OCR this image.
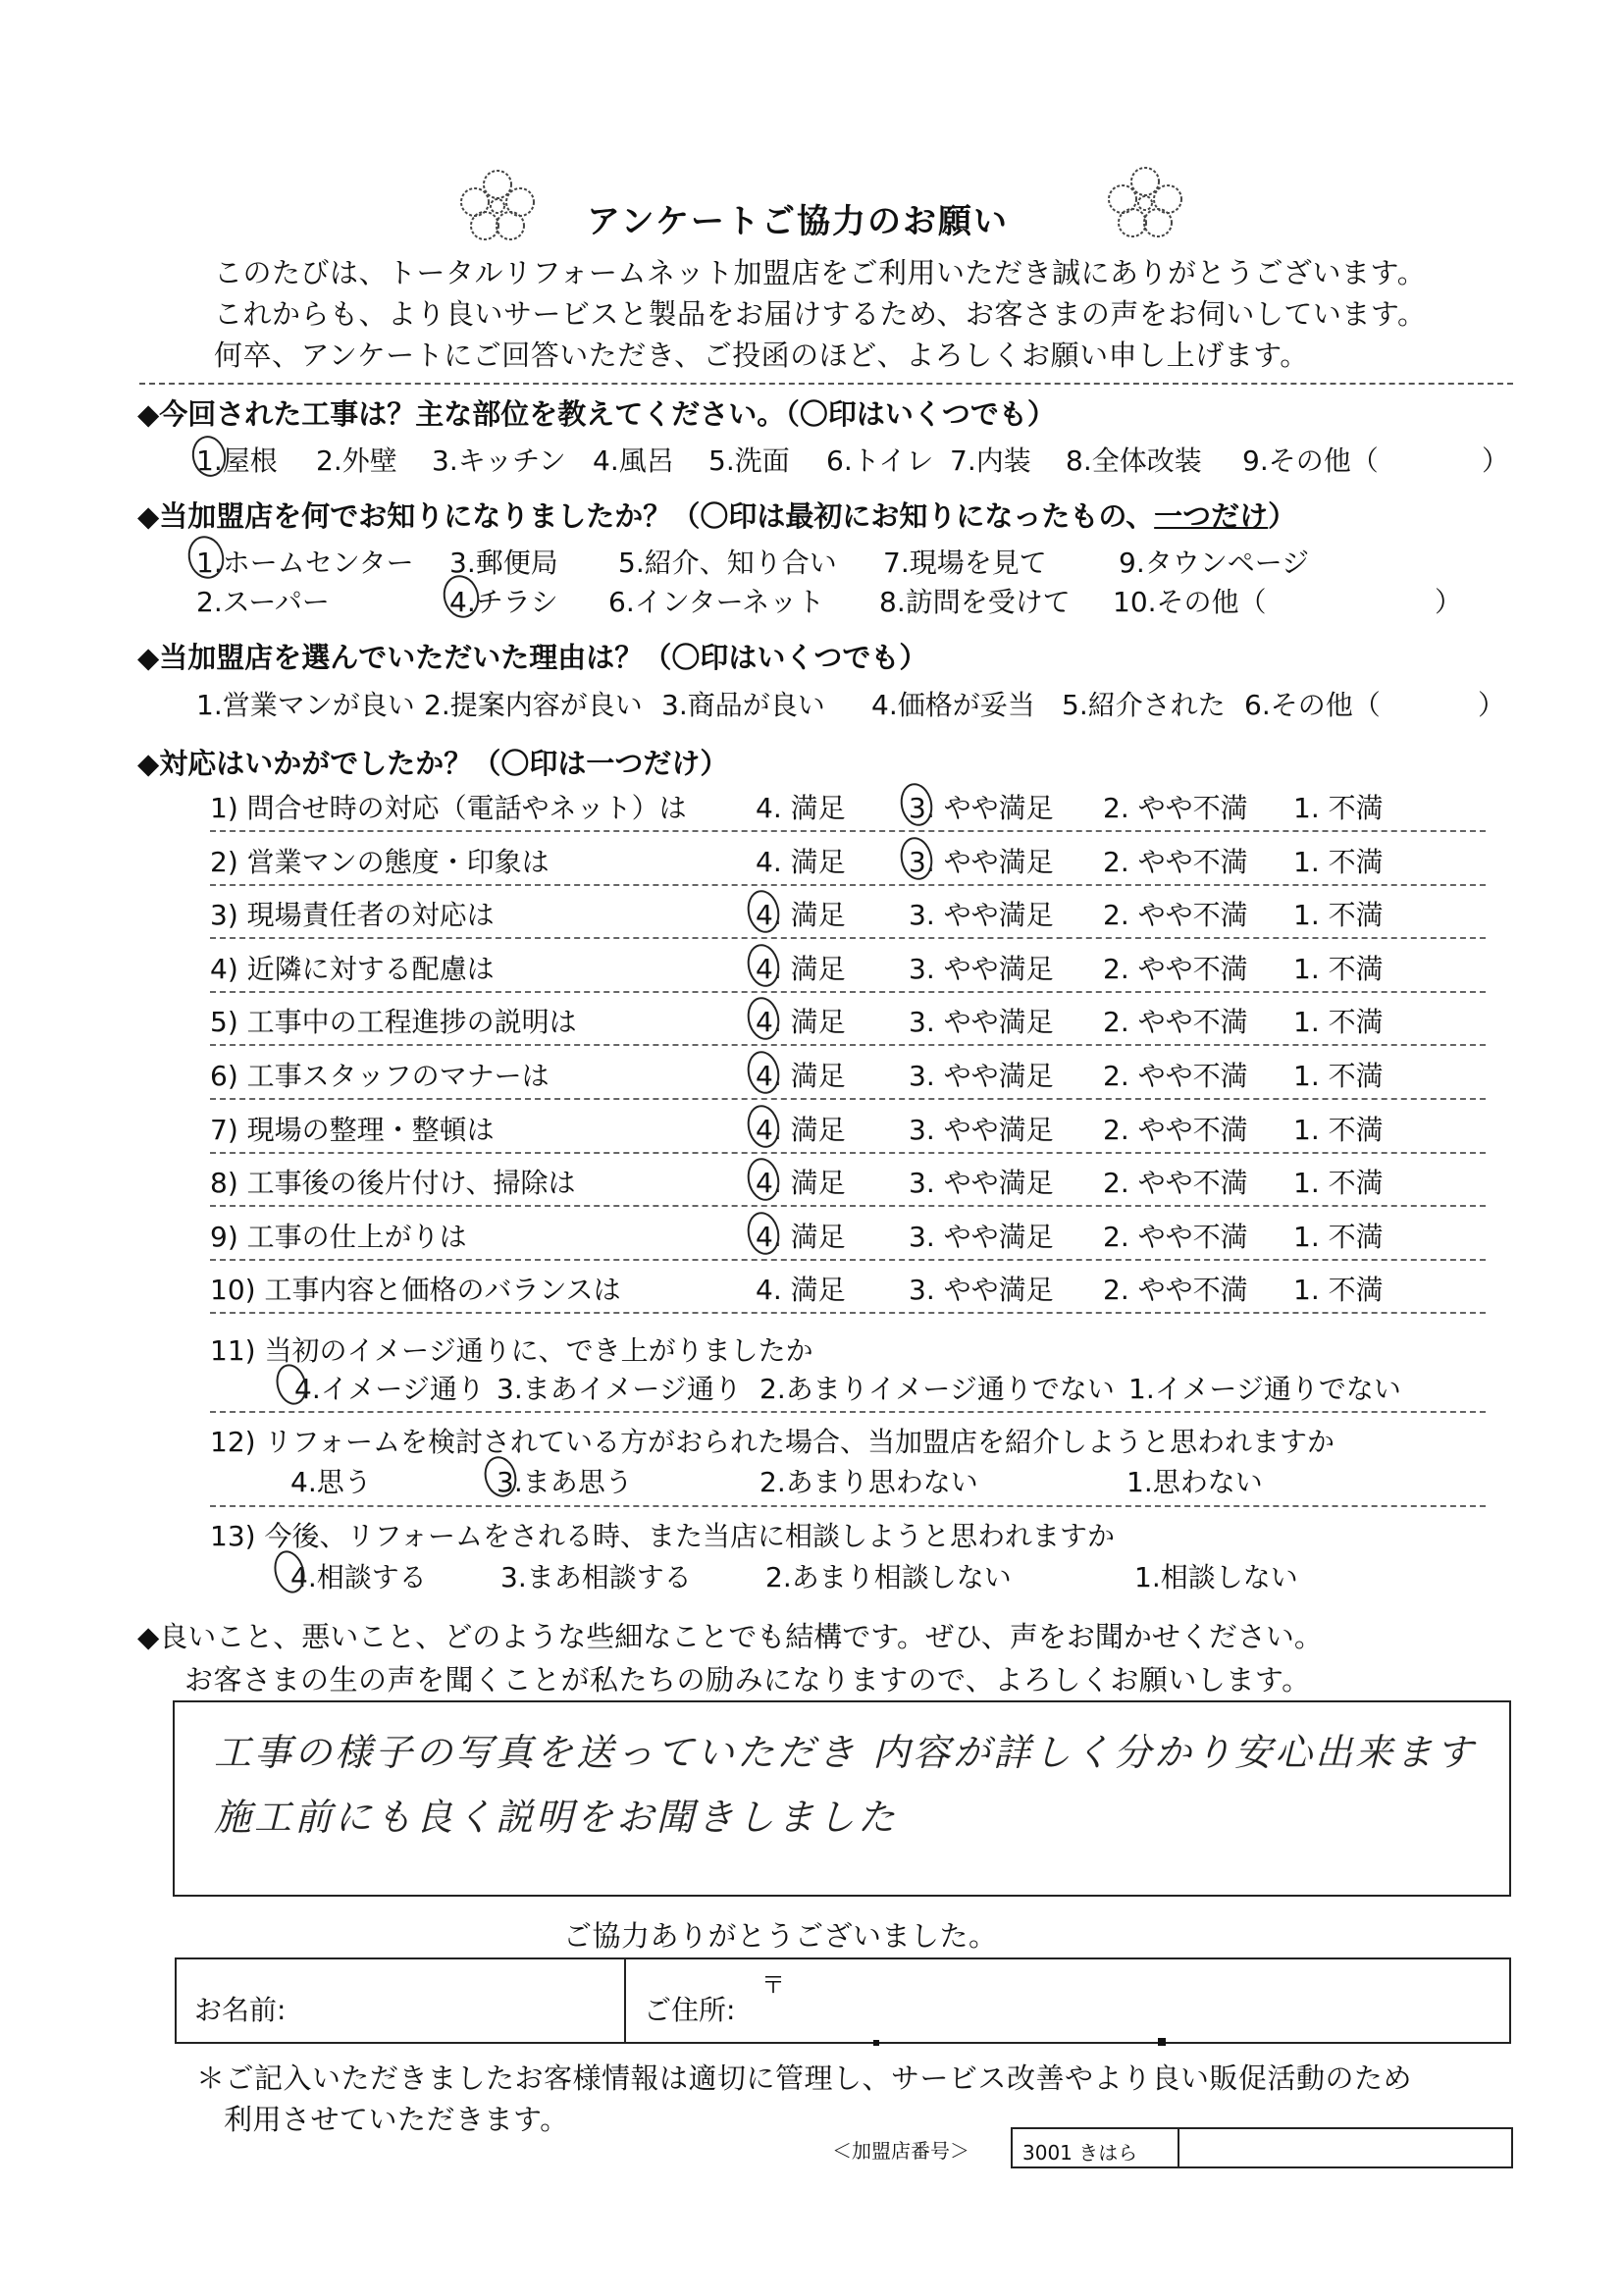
アンケートご協力のお願い
このたびは、トータルリフォームネット加盟店をご利用いただき誠にありがとうございます。
これからも、より良いサービスと製品をお届けするため、お客さまの声をお伺いしています。
何卒、アンケートにご回答いただき、ご投函のほど、よろしくお願い申し上げます。
◆今回された工事は？主な部位を教えてください。（〇印はいくつでも）
1.屋根 2.外壁 3.キッチン 4.風呂 5.洗面 6.トイレ 7.内装 8.全体改装 9.その他（	）
◆当加盟店を何でお知りになりましたか？（〇印は最初にお知りになったもの、一つだけ）
1.ホームセンター 3.郵便局 5.紹介、知り合い 7.現場を見て	9.タウンページ
2.スーパー	4.チラシ 6.インターネット 8.訪問を受けて 10.その他（	）
◆当加盟店を選んでいただいた理由は？（〇印はいくつでも）
1.営業マンが良い 2.提案内容が良い 3.商品が良い 4.価格が妥当 5.紹介された 6.その他（	）
◆対応はいかがでしたか？（〇印は一つだけ）
1) 問合せ時の対応（電話やネット）は	4. 満足 3. やや満足 2. やや不満 1. 不満
2) 営業マンの態度・印象は	4. 満足 3. やや満足 2. やや不満 1. 不満
3) 現場責任者の対応は	4. 満足 3. やや満足 2. やや不満 1. 不満
4) 近隣に対する配慮は	4. 満足 3. やや満足 2. やや不満 1. 不満
5) 工事中の工程進捗の説明は	4. 満足 3. やや満足 2. やや不満 1. 不満
6) 工事スタッフのマナーは	4. 満足 3. やや満足 2. やや不満 1. 不満
7) 現場の整理・整頓は	4. 満足 3. やや満足 2. やや不満 1. 不満
8) 工事後の後片付け、掃除は	4. 満足 3. やや満足 2. やや不満 1. 不満
9) 工事の仕上がりは	4. 満足 3. やや満足 2. やや不満 1. 不満
10) 工事内容と価格のバランスは	4. 満足 3. やや満足 2. やや不満 1. 不満
11) 当初のイメージ通りに、でき上がりましたか
4.イメージ通り 3.まあイメージ通り 2.あまりイメージ通りでない 1.イメージ通りでない
12) リフォームを検討されている方がおられた場合、当加盟店を紹介しようと思われますか
4.思う	3.まあ思う	2.あまり思わない	1.思わない
13) 今後、リフォームをされる時、また当店に相談しようと思われますか
4.相談する	3.まあ相談する	2.あまり相談しない	1.相談しない
◆良いこと、悪いこと、どのような些細なことでも結構です。ぜひ、声をお聞かせください。
お客さまの生の声を聞くことが私たちの励みになりますので、よろしくお願いします。
工事の様子の写真を送っていただき 内容が詳しく分かり安心出来ます
施工前にも良く説明をお聞きしました
ご協力ありがとうございました。
お名前:	ご住所:
〒
＊ご記入いただきましたお客様情報は適切に管理し、サービス改善やより良い販促活動のため
利用させていただきます。
＜加盟店番号＞	3001 きはら
